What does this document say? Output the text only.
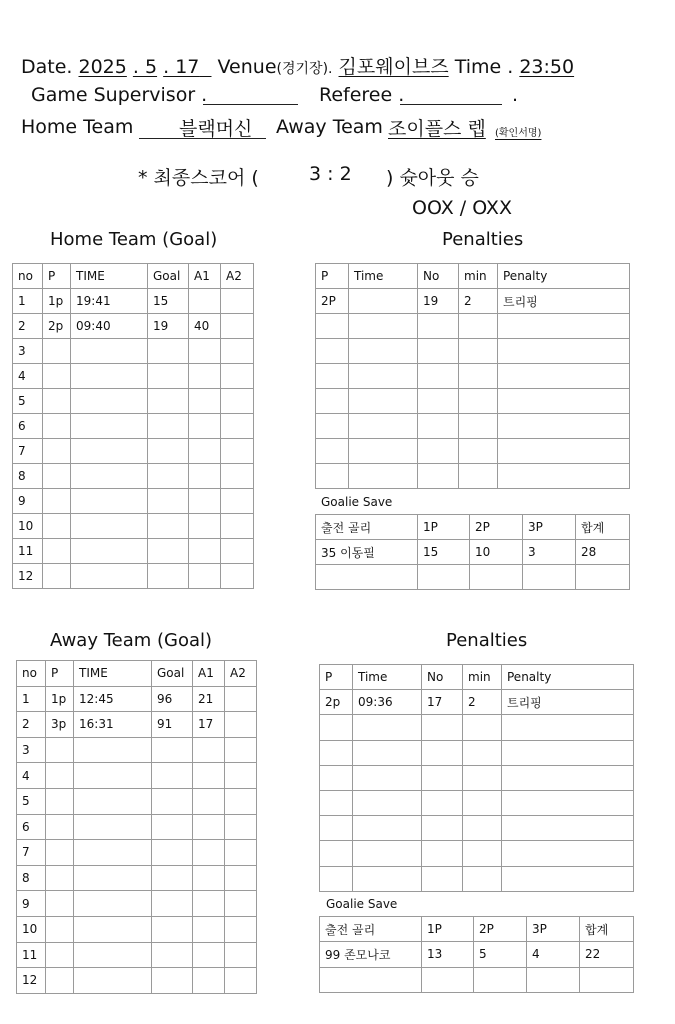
Date. 2025 . 5 . 17 Venue(경기장). 김포웨이브즈 Time . 23:50
Game Supervisor .	Referee .	.
Home Team 블랙머신 Away Team 조이플스 렙 (확인서명)
* 최종스코어 (	3 : 2 ) 슛아웃 승
OOX / OXX
Home Team (Goal)	Penalties
no	P	TIME	Goal	A1	A2
1	1p	19:41	15		
2	2p	09:40	19	40	
3					
4					
5					
6					
7					
8					
9					
10					
11					
12					
P	Time	No	min	Penalty
2P		19	2	트리핑

Goalie Save
출전 골리	1P	2P	3P	합계
35 이동필	15	10	3	28

Away Team (Goal)	Penalties
no	P	TIME	Goal	A1	A2
1	1p	12:45	96	21	
2	3p	16:31	91	17	
3					
4					
5					
6					
7					
8					
9					
10					
11					
12					
P	Time	No	min	Penalty
2p	09:36	17	2	트리핑

Goalie Save
출전 골리	1P	2P	3P	합계
99 존모나코	13	5	4	22
